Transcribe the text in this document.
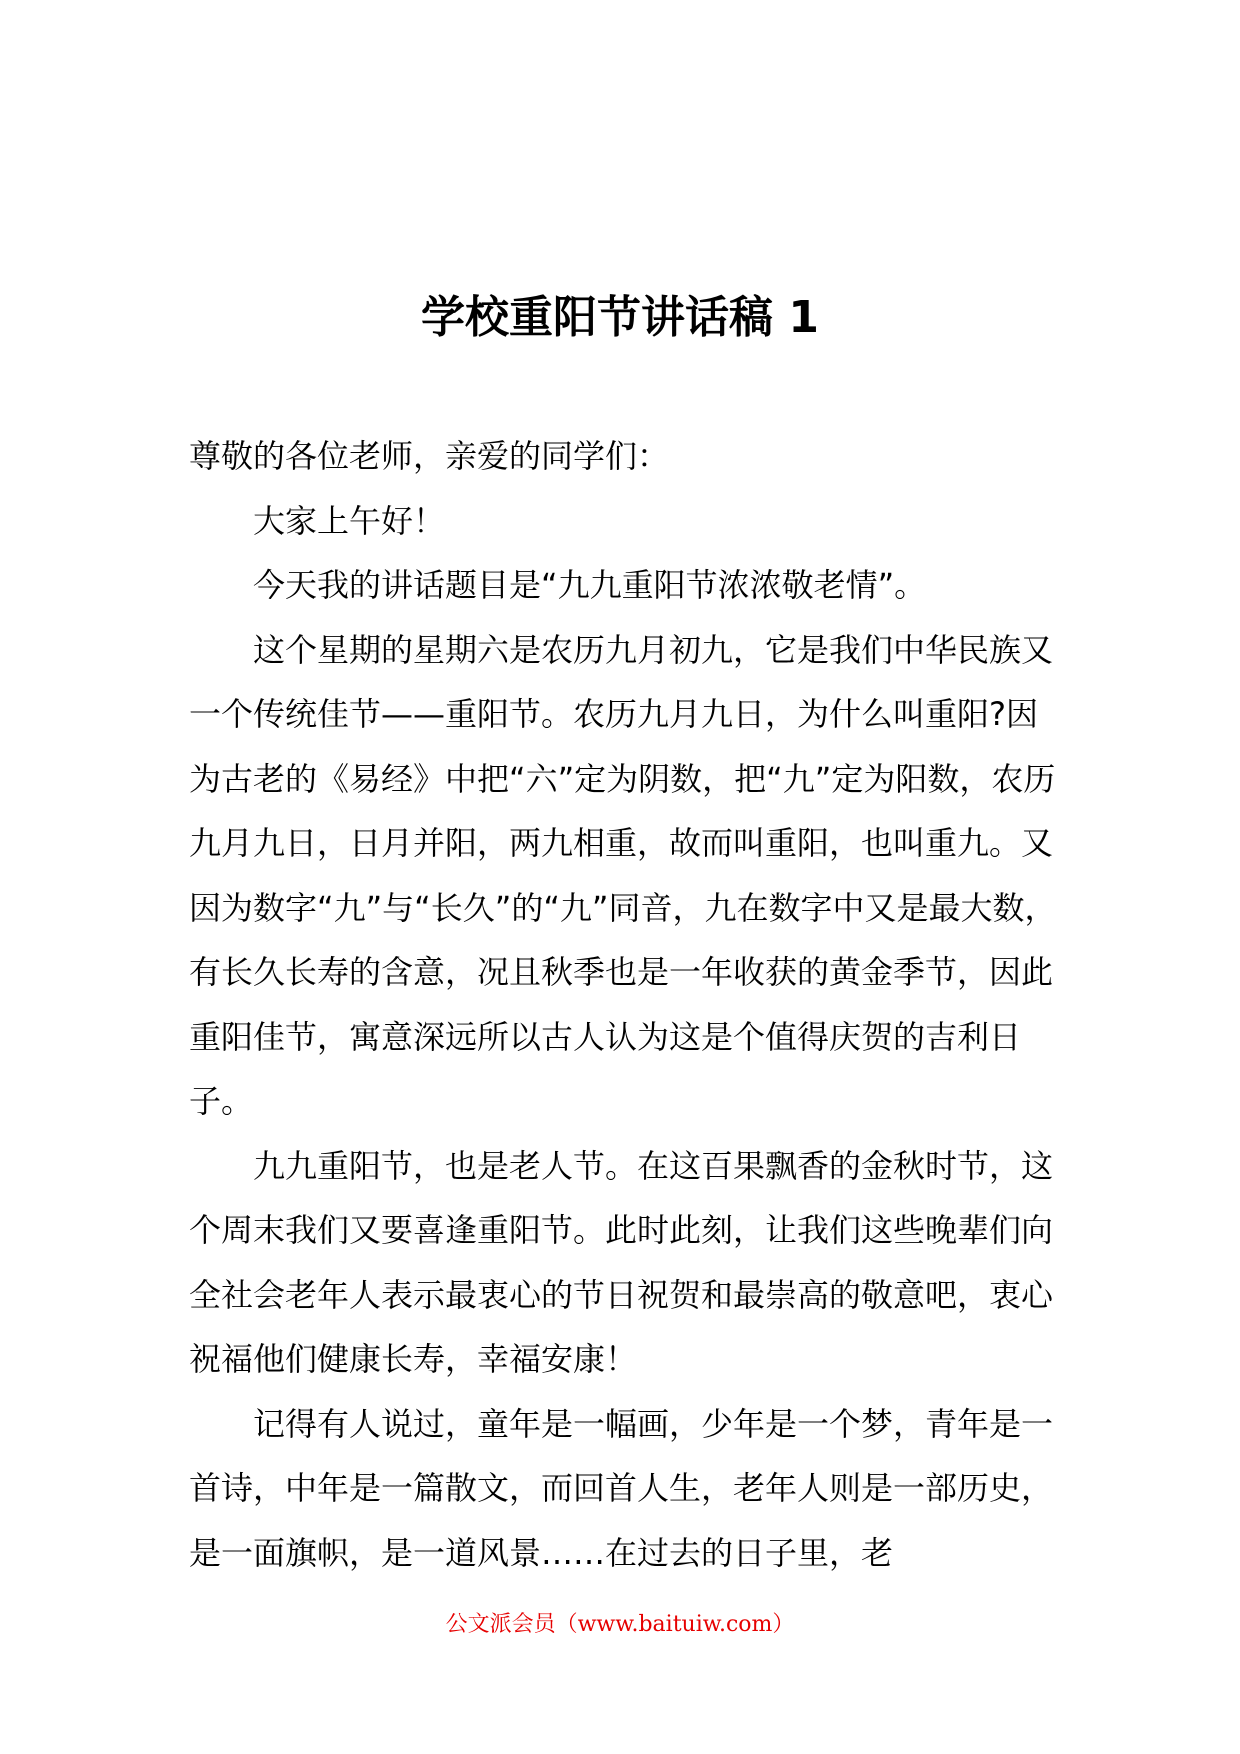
学校重阳节讲话稿 1

尊敬的各位老师，亲爱的同学们：

大家上午好！

今天我的讲话题目是“九九重阳节浓浓敬老情”。

这个星期的星期六是农历九月初九，它是我们中华民族又一个传统佳节——重阳节。农历九月九日，为什么叫重阳?因为古老的《易经》中把“六”定为阴数，把“九”定为阳数，农历九月九日，日月并阳，两九相重，故而叫重阳，也叫重九。又因为数字“九”与“长久”的“九”同音，九在数字中又是最大数，有长久长寿的含意，况且秋季也是一年收获的黄金季节，因此重阳佳节，寓意深远所以古人认为这是个值得庆贺的吉利日子。

九九重阳节，也是老人节。在这百果飘香的金秋时节，这个周末我们又要喜逢重阳节。此时此刻，让我们这些晚辈们向全社会老年人表示最衷心的节日祝贺和最崇高的敬意吧，衷心祝福他们健康长寿，幸福安康！

记得有人说过，童年是一幅画，少年是一个梦，青年是一首诗，中年是一篇散文，而回首人生，老年人则是一部历史，是一面旗帜，是一道风景……在过去的日子里，老

公文派会员（www.baituiw.com）
